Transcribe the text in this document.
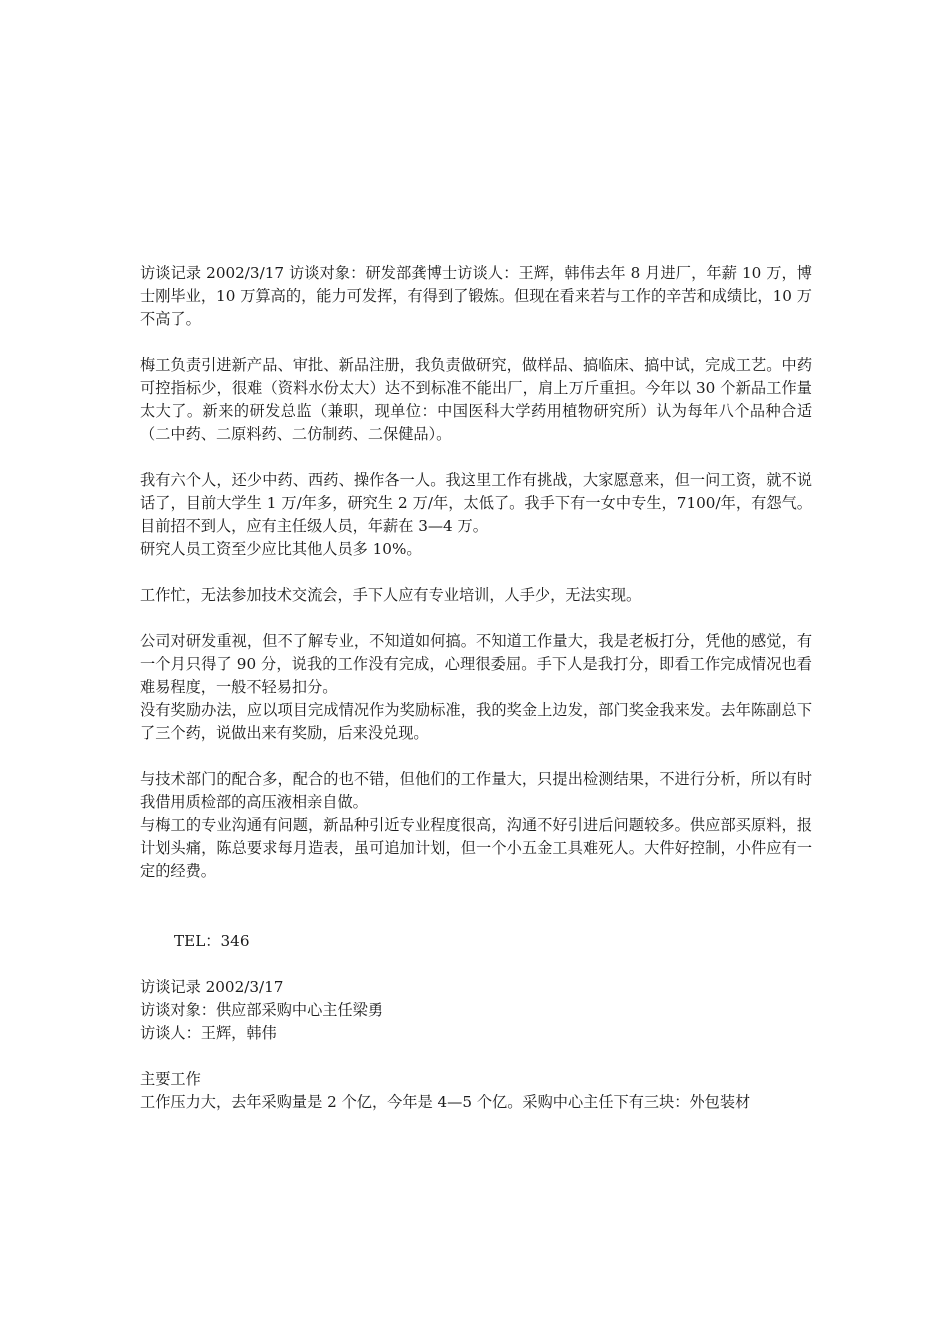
访谈记录 2002/3/17 访谈对象：研发部龚博士访谈人：王辉，韩伟去年 8 月进厂，年薪 10 万，博士刚毕业，10 万算高的，能力可发挥，有得到了锻炼。但现在看来若与工作的辛苦和成绩比，10 万不高了。

梅工负责引进新产品、审批、新品注册，我负责做研究，做样品、搞临床、搞中试，完成工艺。中药可控指标少，很难（资料水份太大）达不到标准不能出厂，肩上万斤重担。今年以 30 个新品工作量太大了。新来的研发总监（兼职，现单位：中国医科大学药用植物研究所）认为每年八个品种合适（二中药、二原料药、二仿制药、二保健品）。

我有六个人，还少中药、西药、操作各一人。我这里工作有挑战，大家愿意来，但一问工资，就不说话了，目前大学生 1 万/年多，研究生 2 万/年，太低了。我手下有一女中专生，7100/年，有怨气。目前招不到人，应有主任级人员，年薪在 3—4 万。
研究人员工资至少应比其他人员多 10%。

工作忙，无法参加技术交流会，手下人应有专业培训，人手少，无法实现。

公司对研发重视，但不了解专业，不知道如何搞。不知道工作量大，我是老板打分，凭他的感觉，有一个月只得了 90 分，说我的工作没有完成，心理很委屈。手下人是我打分，即看工作完成情况也看难易程度，一般不轻易扣分。
没有奖励办法，应以项目完成情况作为奖励标准，我的奖金上边发，部门奖金我来发。去年陈副总下了三个药，说做出来有奖励，后来没兑现。
与技术部门的配合多，配合的也不错，但他们的工作量大，只提出检测结果，不进行分析，所以有时我借用质检部的高压液相亲自做。
与梅工的专业沟通有问题，新品种引近专业程度很高，沟通不好引进后问题较多。供应部买原料，报计划头痛，陈总要求每月造表，虽可追加计划，但一个小五金工具难死人。大件好控制，小件应有一定的经费。
TEL：346
访谈记录 2002/3/17
访谈对象：供应部采购中心主任梁勇
访谈人：王辉，韩伟
主要工作
工作压力大，去年采购量是 2 个亿，今年是 4—5 个亿。采购中心主任下有三块：外包装材
